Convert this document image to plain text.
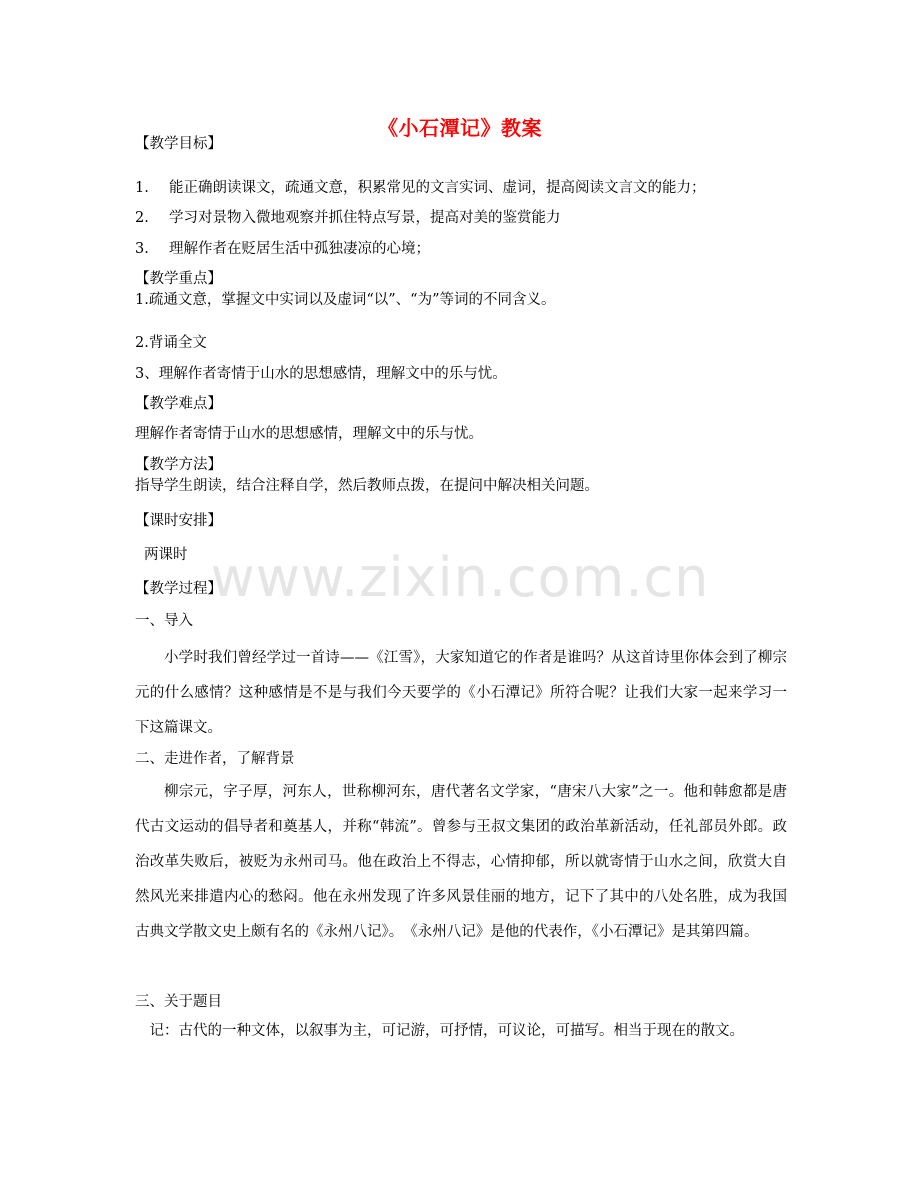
www.zixin.com.cn
《小石潭记》教案
【教学目标】
1. 能正确朗读课文，疏通文意，积累常见的文言实词、虚词，提高阅读文言文的能力；
2. 学习对景物入微地观察并抓住特点写景，提高对美的鉴赏能力
3. 理解作者在贬居生活中孤独凄凉的心境；
【教学重点】
1.疏通文意，掌握文中实词以及虚词“以”、“为”等词的不同含义。
2.背诵全文
3、理解作者寄情于山水的思想感情，理解文中的乐与忧。
【教学难点】
理解作者寄情于山水的思想感情，理解文中的乐与忧。
【教学方法】
指导学生朗读，结合注释自学，然后教师点拨，在提问中解决相关问题。
【课时安排】
两课时
【教学过程】
一、导入
小学时我们曾经学过一首诗——《江雪》，大家知道它的作者是谁吗？从这首诗里你体会到了柳宗元的什么感情？这种感情是不是与我们今天要学的《小石潭记》所符合呢？让我们大家一起来学习一下这篇课文。
二、走进作者，了解背景
柳宗元，字子厚，河东人，世称柳河东，唐代著名文学家，“唐宋八大家”之一。他和韩愈都是唐代古文运动的倡导者和奠基人，并称“韩流”。曾参与王叔文集团的政治革新活动，任礼部员外郎。政治改革失败后，被贬为永州司马。他在政治上不得志，心情抑郁，所以就寄情于山水之间，欣赏大自然风光来排遣内心的愁闷。他在永州发现了许多风景佳丽的地方，记下了其中的八处名胜，成为我国古典文学散文史上颇有名的《永州八记》。　《永州八记》是他的代表作，《小石潭记》是其第四篇。
三、关于题目
记：古代的一种文体，以叙事为主，可记游，可抒情，可议论，可描写。相当于现在的散文。
